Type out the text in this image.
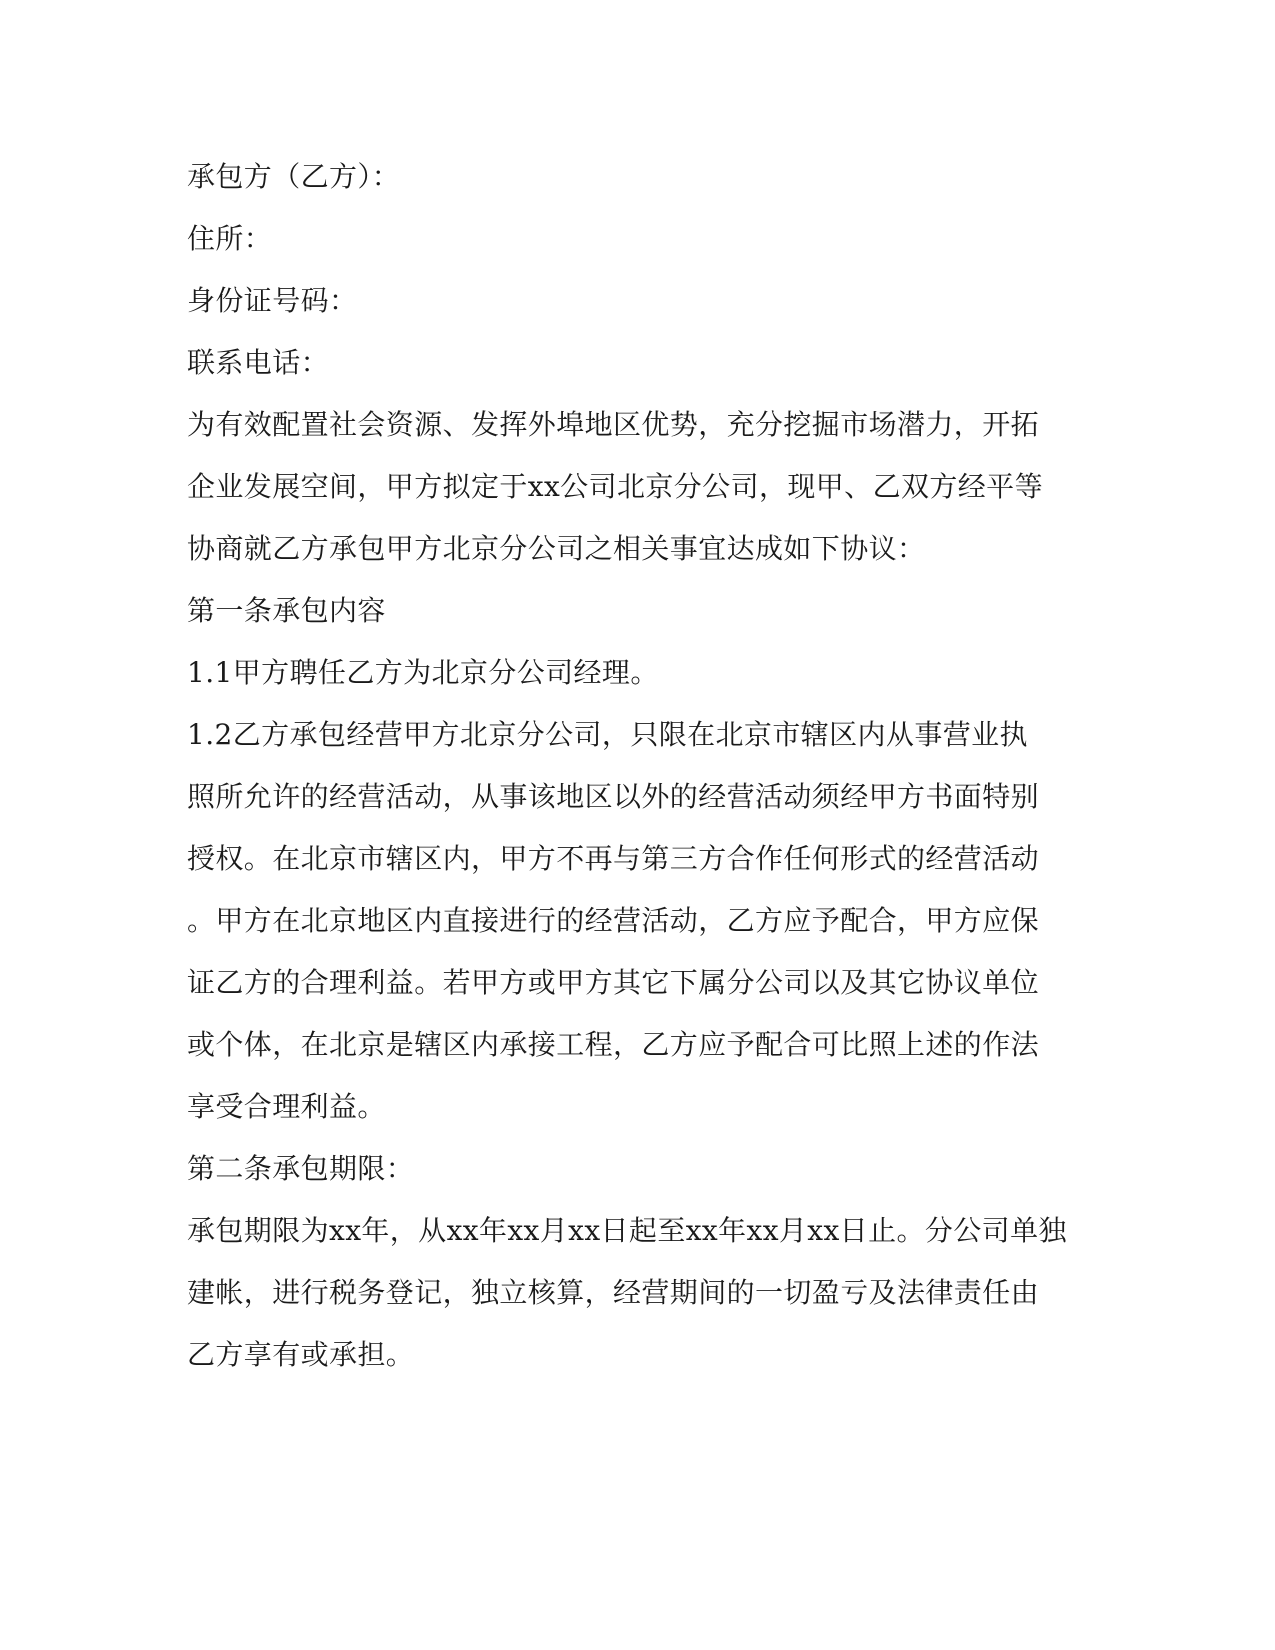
承包方（乙方）：
住所：
身份证号码：
联系电话：
为有效配置社会资源、发挥外埠地区优势，充分挖掘市场潜力，开拓
企业发展空间，甲方拟定于xx公司北京分公司，现甲、乙双方经平等
协商就乙方承包甲方北京分公司之相关事宜达成如下协议：
第一条承包内容
1.1甲方聘任乙方为北京分公司经理。
1.2乙方承包经营甲方北京分公司，只限在北京市辖区内从事营业执
照所允许的经营活动，从事该地区以外的经营活动须经甲方书面特别
授权。在北京市辖区内，甲方不再与第三方合作任何形式的经营活动
。甲方在北京地区内直接进行的经营活动，乙方应予配合，甲方应保
证乙方的合理利益。若甲方或甲方其它下属分公司以及其它协议单位
或个体，在北京是辖区内承接工程，乙方应予配合可比照上述的作法
享受合理利益。
第二条承包期限：
承包期限为xx年，从xx年xx月xx日起至xx年xx月xx日止。分公司单独
建帐，进行税务登记，独立核算，经营期间的一切盈亏及法律责任由
乙方享有或承担。
